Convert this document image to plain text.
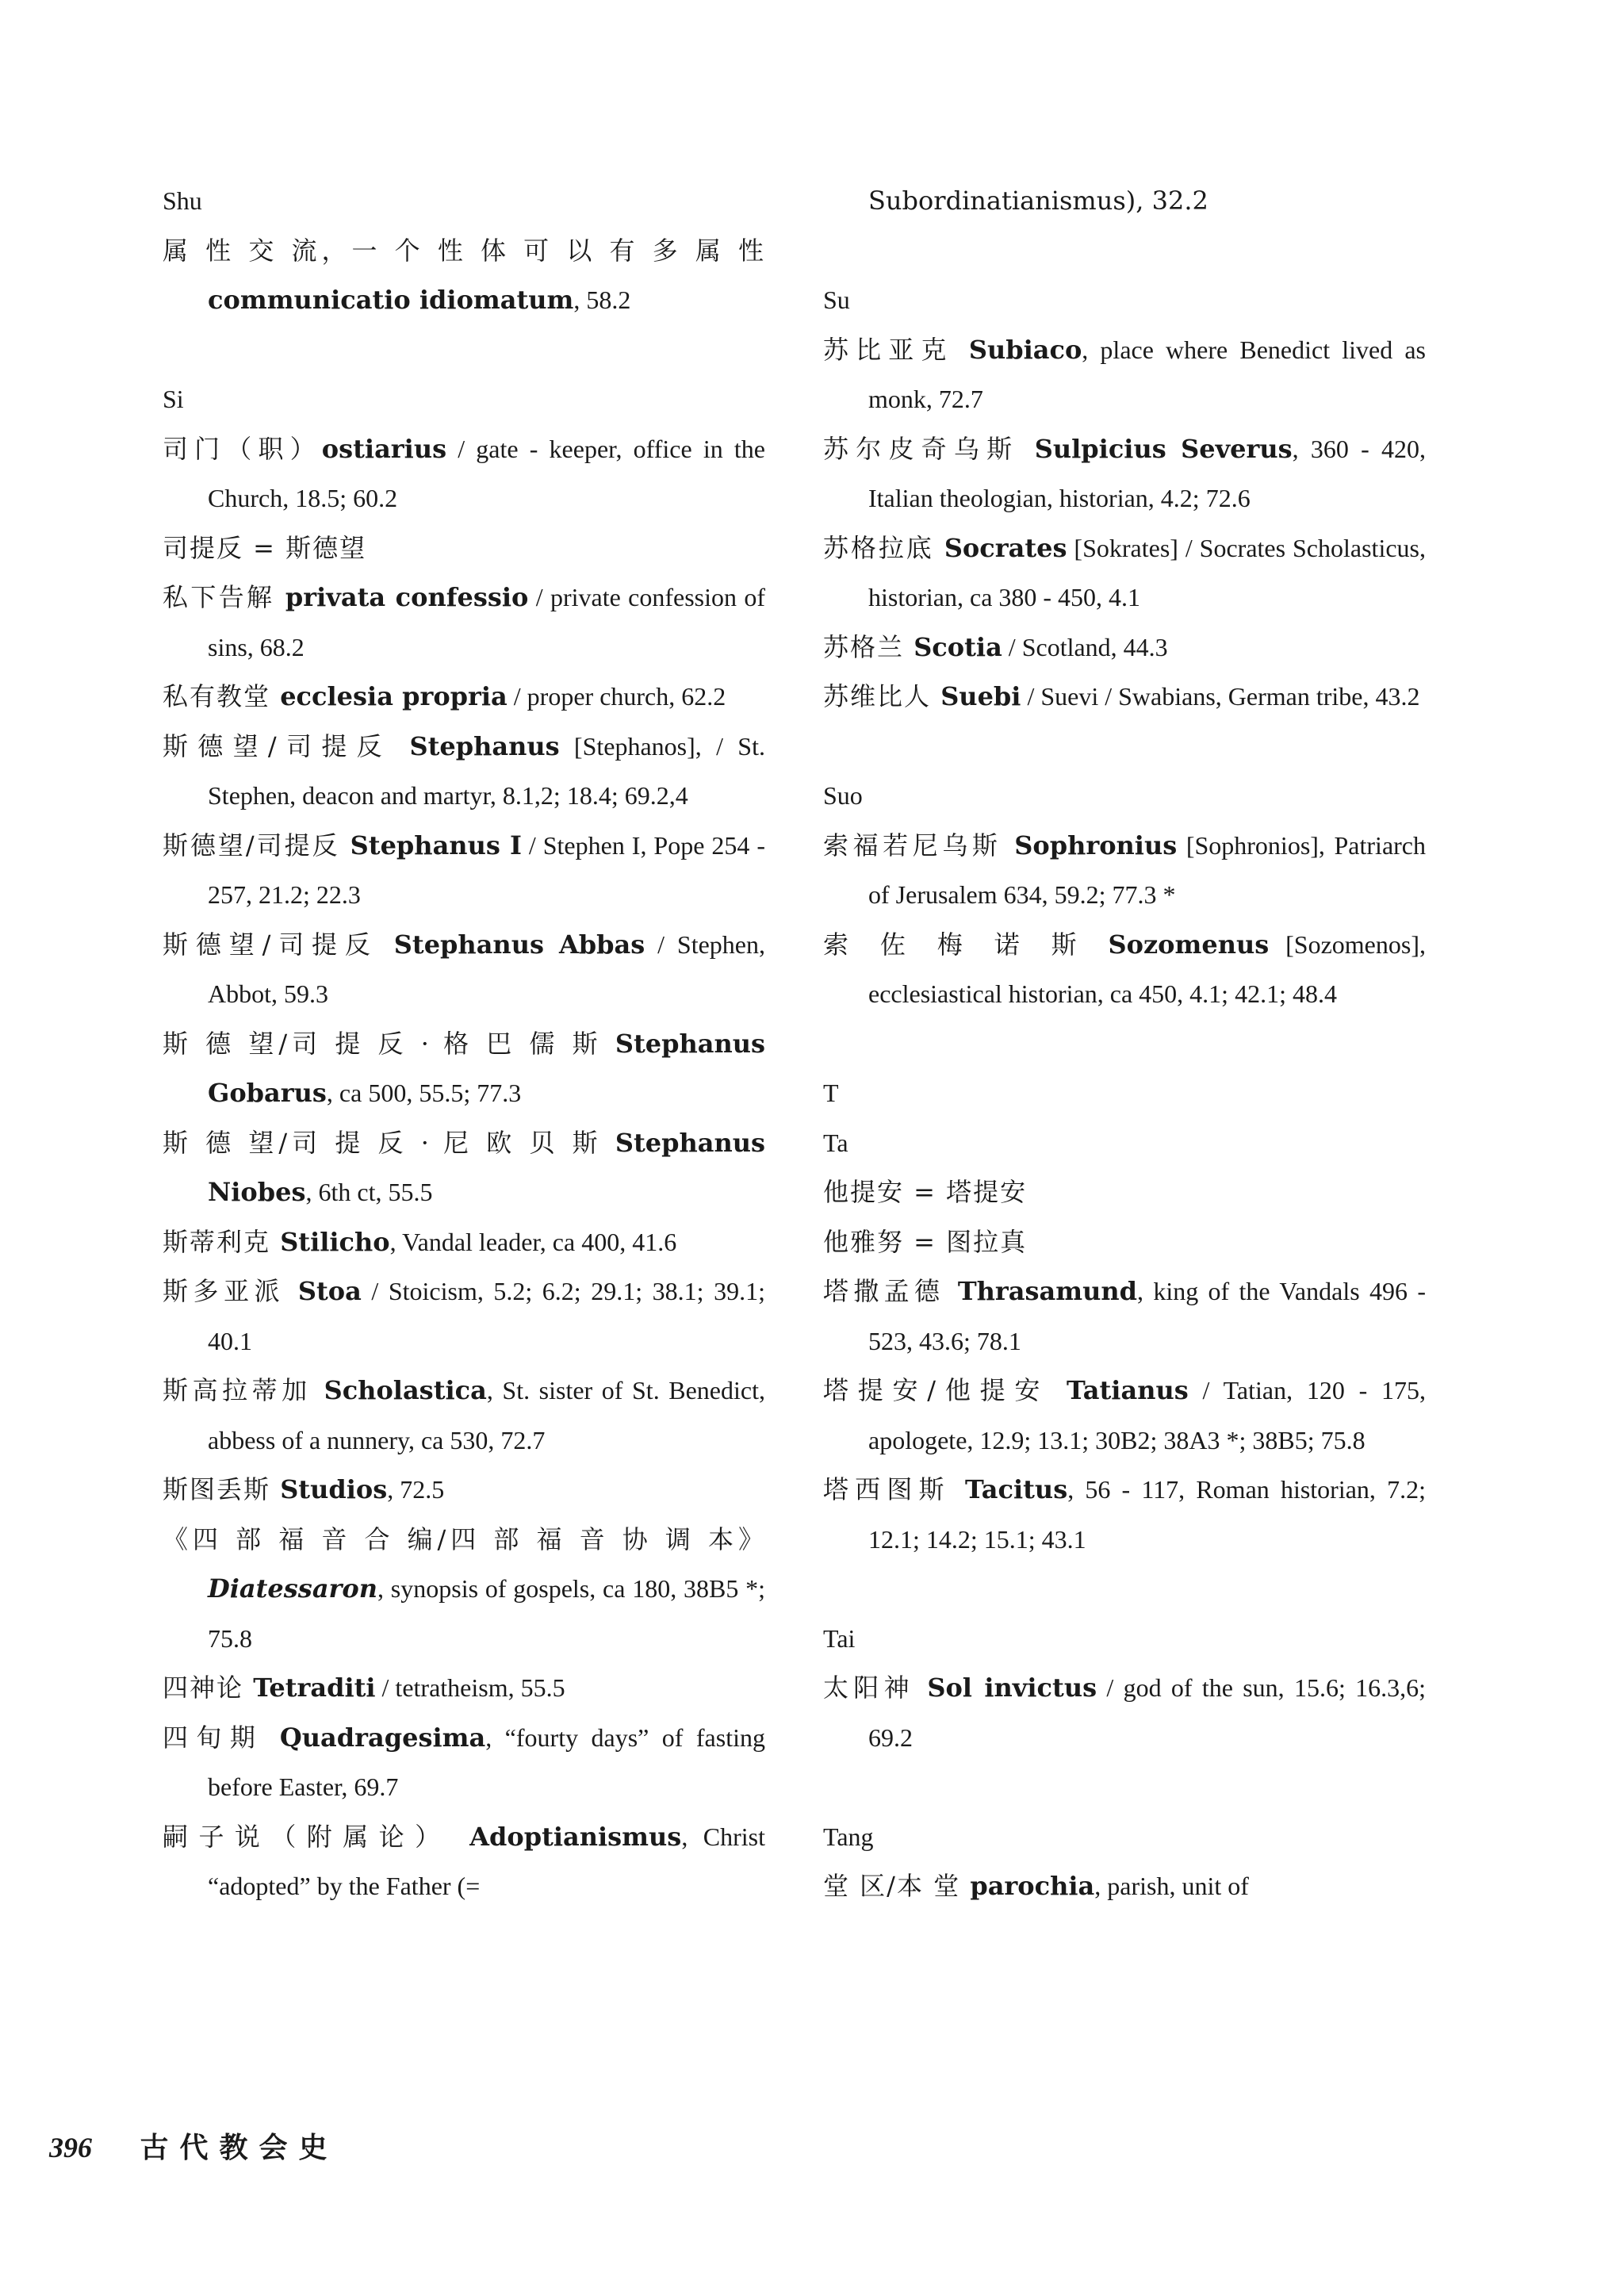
Shu
属 性 交 流，一 个 性 体 可 以 有 多 属 性 communicatio idiomatum, 58.2
Si
司门（职）ostiarius / gate - keeper, office in the Church, 18.5; 60.2
司提反 = 斯德望
私下告解 privata confessio / private confession of sins, 68.2
私有教堂 ecclesia propria / proper church, 62.2
斯德望/司提反 Stephanus [Stephanos], / St. Stephen, deacon and martyr, 8.1,2; 18.4; 69.2,4
斯德望/司提反 Stephanus I / Stephen I, Pope 254 - 257, 21.2; 22.3
斯德望/司提反 Stephanus Abbas / Stephen, Abbot, 59.3
斯 德 望/司 提 反 · 格 巴 儒 斯 Stephanus Gobarus, ca 500, 55.5; 77.3
斯 德 望/司 提 反 · 尼 欧 贝 斯 Stephanus Niobes, 6th ct, 55.5
斯蒂利克 Stilicho, Vandal leader, ca 400, 41.6
斯多亚派 Stoa / Stoicism, 5.2; 6.2; 29.1; 38.1; 39.1; 40.1
斯高拉蒂加 Scholastica, St. sister of St. Benedict, abbess of a nunnery, ca 530, 72.7
斯图丢斯 Studios, 72.5
《四 部 福 音 合 编/四 部 福 音 协 调 本》 Diatessaron, synopsis of gospels, ca 180, 38B5 *; 75.8
四神论 Tetraditi / tetratheism, 55.5
四旬期 Quadragesima, “fourty days” of fasting before Easter, 69.7
嗣子说（附属论） Adoptianismus, Christ “adopted” by the Father (=
Subordinatianismus), 32.2
Su
苏比亚克 Subiaco, place where Benedict lived as monk, 72.7
苏尔皮奇乌斯 Sulpicius Severus, 360 - 420, Italian theologian, historian, 4.2; 72.6
苏格拉底 Socrates [Sokrates] / Socrates Scholasticus, historian, ca 380 - 450, 4.1
苏格兰 Scotia / Scotland, 44.3
苏维比人 Suebi / Suevi / Swabians, German tribe, 43.2
Suo
索福若尼乌斯 Sophronius [Sophronios], Patriarch of Jerusalem 634, 59.2; 77.3 *
索 佐 梅 诺 斯 Sozomenus [Sozomenos], ecclesiastical historian, ca 450, 4.1; 42.1; 48.4
T
Ta
他提安 = 塔提安
他雅努 = 图拉真
塔撒孟德 Thrasamund, king of the Vandals 496 - 523, 43.6; 78.1
塔提安/他提安 Tatianus / Tatian, 120 - 175, apologete, 12.9; 13.1; 30B2; 38A3 *; 38B5; 75.8
塔西图斯 Tacitus, 56 - 117, Roman historian, 7.2; 12.1; 14.2; 15.1; 43.1
Tai
太阳神 Sol invictus / god of the sun, 15.6; 16.3,6; 69.2
Tang
堂 区/本 堂 parochia, parish, unit of
396 古代教会史
